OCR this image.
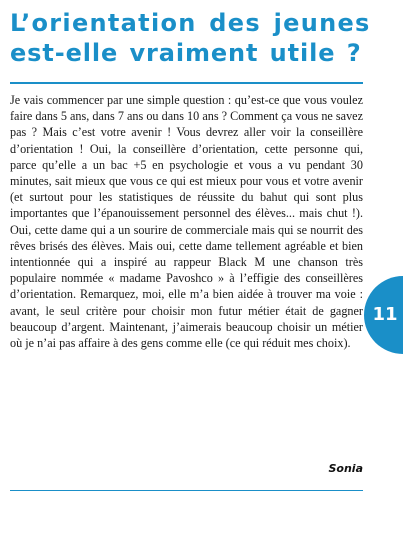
L’orientation des jeunes
est-elle vraiment utile ?

Je vais commencer par une simple question : qu’est-ce que vous voulez faire dans 5 ans, dans 7 ans ou dans 10 ans ? Comment ça vous ne savez pas ? Mais c’est votre avenir ! Vous devrez aller voir la conseillère d’orientation ! Oui, la conseillère d’orientation, cette personne qui, parce qu’elle a un bac +5 en psychologie et vous a vu pendant 30 minutes, sait mieux que vous ce qui est mieux pour vous et votre avenir (et surtout pour les statistiques de réussite du bahut qui sont plus importantes que l’épanouissement personnel des élèves... mais chut !). Oui, cette dame qui a un sourire de commerciale mais qui se nourrit des rêves brisés des élèves. Mais oui, cette dame tellement agréable et bien intentionnée qui a inspiré au rappeur Black M une chanson très populaire nommée « madame Pavoshco » à l’effigie des conseillères d’orientation. Remarquez, moi, elle m’a bien aidée à trouver ma voie : avant, le seul critère pour choisir mon futur métier était de gagner beaucoup d’argent. Maintenant, j’aimerais beaucoup choisir un métier où je n’ai pas affaire à des gens comme elle (ce qui réduit mes choix).

Sonia
11
